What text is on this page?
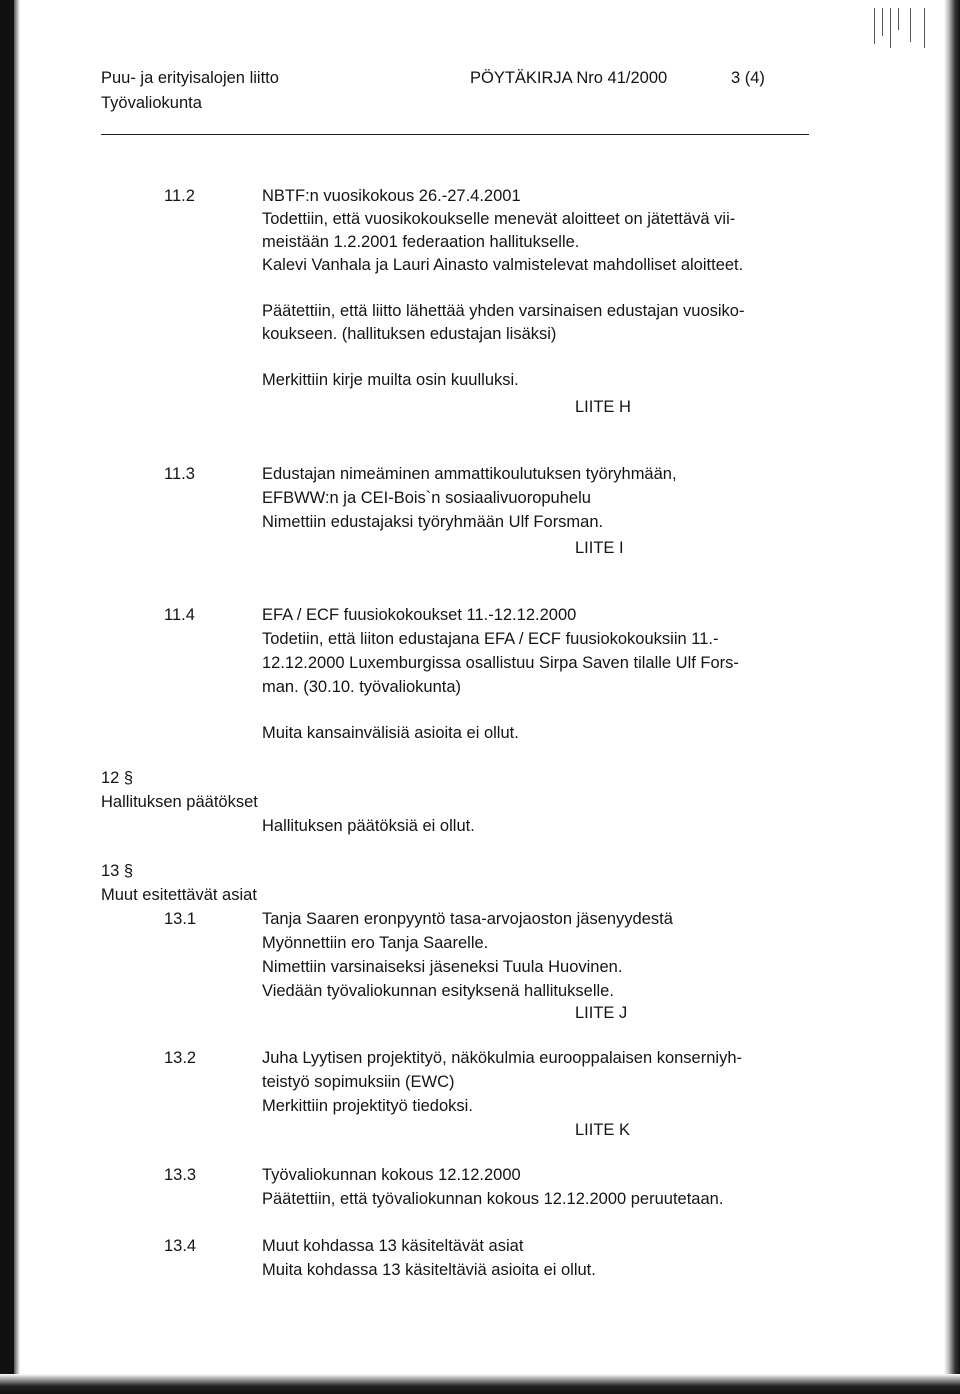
Puu- ja erityisalojen liitto	PÖYTÄKIRJA Nro 41/2000	3 (4)
Työvaliokunta
11.2	NBTF:n vuosikokous 26.-27.4.2001
Todettiin, että vuosikokoukselle menevät aloitteet on jätettävä vii-
meistään 1.2.2001 federaation hallitukselle.
Kalevi Vanhala ja Lauri Ainasto valmistelevat mahdolliset aloitteet.
Päätettiin, että liitto lähettää yhden varsinaisen edustajan vuosiko-
koukseen. (hallituksen edustajan lisäksi)
Merkittiin kirje muilta osin kuulluksi.
LIITE H
11.3	Edustajan nimeäminen ammattikoulutuksen työryhmään,
EFBWW:n ja CEI-Bois`n sosiaalivuoropuhelu
Nimettiin edustajaksi työryhmään Ulf Forsman.
LIITE I
11.4	EFA / ECF fuusiokokoukset 11.-12.12.2000
Todetiin, että liiton edustajana EFA / ECF fuusiokokouksiin 11.-
12.12.2000 Luxemburgissa osallistuu Sirpa Saven tilalle Ulf Fors-
man. (30.10. työvaliokunta)
Muita kansainvälisiä asioita ei ollut.
12 §
Hallituksen päätökset
Hallituksen päätöksiä ei ollut.
13 §
Muut esitettävät asiat
13.1	Tanja Saaren eronpyyntö tasa-arvojaoston jäsenyydestä
Myönnettiin ero Tanja Saarelle.
Nimettiin varsinaiseksi jäseneksi Tuula Huovinen.
Viedään työvaliokunnan esityksenä hallitukselle.
LIITE J
13.2	Juha Lyytisen projektityö, näkökulmia eurooppalaisen konserniyh-
teistyö sopimuksiin (EWC)
Merkittiin projektityö tiedoksi.
LIITE K
13.3	Työvaliokunnan kokous 12.12.2000
Päätettiin, että työvaliokunnan kokous 12.12.2000 peruutetaan.
13.4	Muut kohdassa 13 käsiteltävät asiat
Muita kohdassa 13 käsiteltäviä asioita ei ollut.
